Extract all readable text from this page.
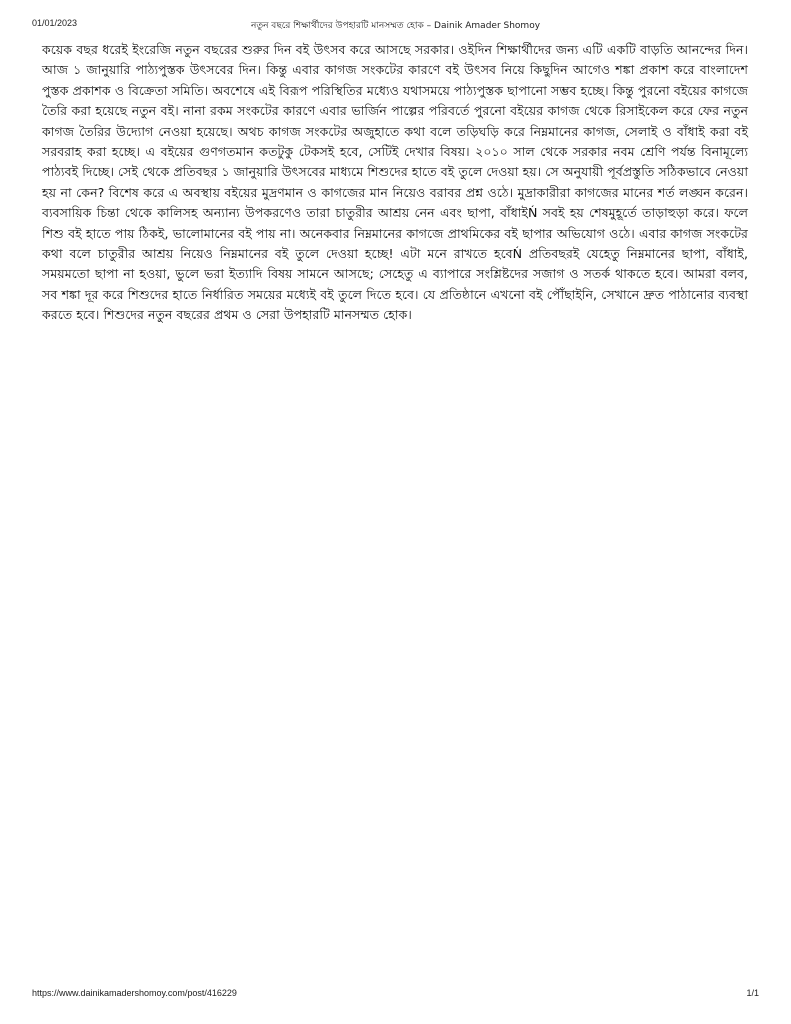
নতুন বছরে শিক্ষার্থীদের উপহারটি মানসম্মত হোক – Dainik Amader Shomoy
01/01/2023

কয়েক বছর ধরেই ইংরেজি নতুন বছরের শুরুর দিন বই উৎসব করে আসছে সরকার। ওইদিন শিক্ষার্থীদের জন্য এটি একটি বাড়তি আনন্দের দিন। আজ ১ জানুয়ারি পাঠ্যপুস্তক উৎসবের দিন। কিন্তু এবার কাগজ সংকটের কারণে বই উৎসব নিয়ে কিছুদিন আগেও শঙ্কা প্রকাশ করে বাংলাদেশ পুস্তক প্রকাশক ও বিক্রেতা সমিতি। অবশেষে এই বিরূপ পরিস্থিতির মধ্যেও যথাসময়ে পাঠ্যপুস্তক ছাপানো সম্ভব হচ্ছে। কিন্তু পুরনো বইয়ের কাগজে তৈরি করা হয়েছে নতুন বই। নানা রকম সংকটের কারণে এবার ভার্জিন পাল্পের পরিবর্তে পুরনো বইয়ের কাগজ থেকে রিসাইকেল করে ফের নতুন কাগজ তৈরির উদ্যোগ নেওয়া হয়েছে। অথচ কাগজ সংকটের অজুহাতে কথা বলে তড়িঘড়ি করে নিম্নমানের কাগজ, সেলাই ও বাঁধাই করা বই সরবরাহ করা হচ্ছে। এ বইয়ের গুণগতমান কতটুকু টেকসই হবে, সেটিই দেখার বিষয়। ২০১০ সাল থেকে সরকার নবম শ্রেণি পর্যন্ত বিনামূল্যে পাঠ্যবই দিচ্ছে। সেই থেকে প্রতিবছর ১ জানুয়ারি উৎসবের মাধ্যমে শিশুদের হাতে বই তুলে দেওয়া হয়। সে অনুযায়ী পূর্বপ্রস্তুতি সঠিকভাবে নেওয়া হয় না কেন? বিশেষ করে এ অবস্থায় বইয়ের মুদ্রণমান ও কাগজের মান নিয়েও বরাবর প্রশ্ন ওঠে। মুদ্রাকারীরা কাগজের মানের শর্ত লঙ্ঘন করেন। ব্যবসায়িক চিন্তা থেকে কালিসহ অন্যান্য উপকরণেও তারা চাতুরীর আশ্রয় নেন এবং ছাপা, বাঁধাইŃ সবই হয় শেষমুহূর্তে তাড়াহুড়া করে। ফলে শিশু বই হাতে পায় ঠিকই, ভালোমানের বই পায় না। অনেকবার নিম্নমানের কাগজে প্রাথমিকের বই ছাপার অভিযোগ ওঠে। এবার কাগজ সংকটের কথা বলে চাতুরীর আশ্রয় নিয়েও নিম্নমানের বই তুলে দেওয়া হচ্ছে! এটা মনে রাখতে হবেŃ প্রতিবছরই যেহেতু নিম্নমানের ছাপা, বাঁধাই, সময়মতো ছাপা না হওয়া, ভুলে ভরা ইত্যাদি বিষয় সামনে আসছে; সেহেতু এ ব্যাপারে সংশ্লিষ্টদের সজাগ ও সতর্ক থাকতে হবে। আমরা বলব, সব শঙ্কা দূর করে শিশুদের হাতে নির্ধারিত সময়ের মধ্যেই বই তুলে দিতে হবে। যে প্রতিষ্ঠানে এখনো বই পৌঁছাইনি, সেখানে দ্রুত পাঠানোর ব্যবস্থা করতে হবে। শিশুদের নতুন বছরের প্রথম ও সেরা উপহারটি মানসম্মত হোক।

https://www.dainikamadershomoy.com/post/416229	1/1
